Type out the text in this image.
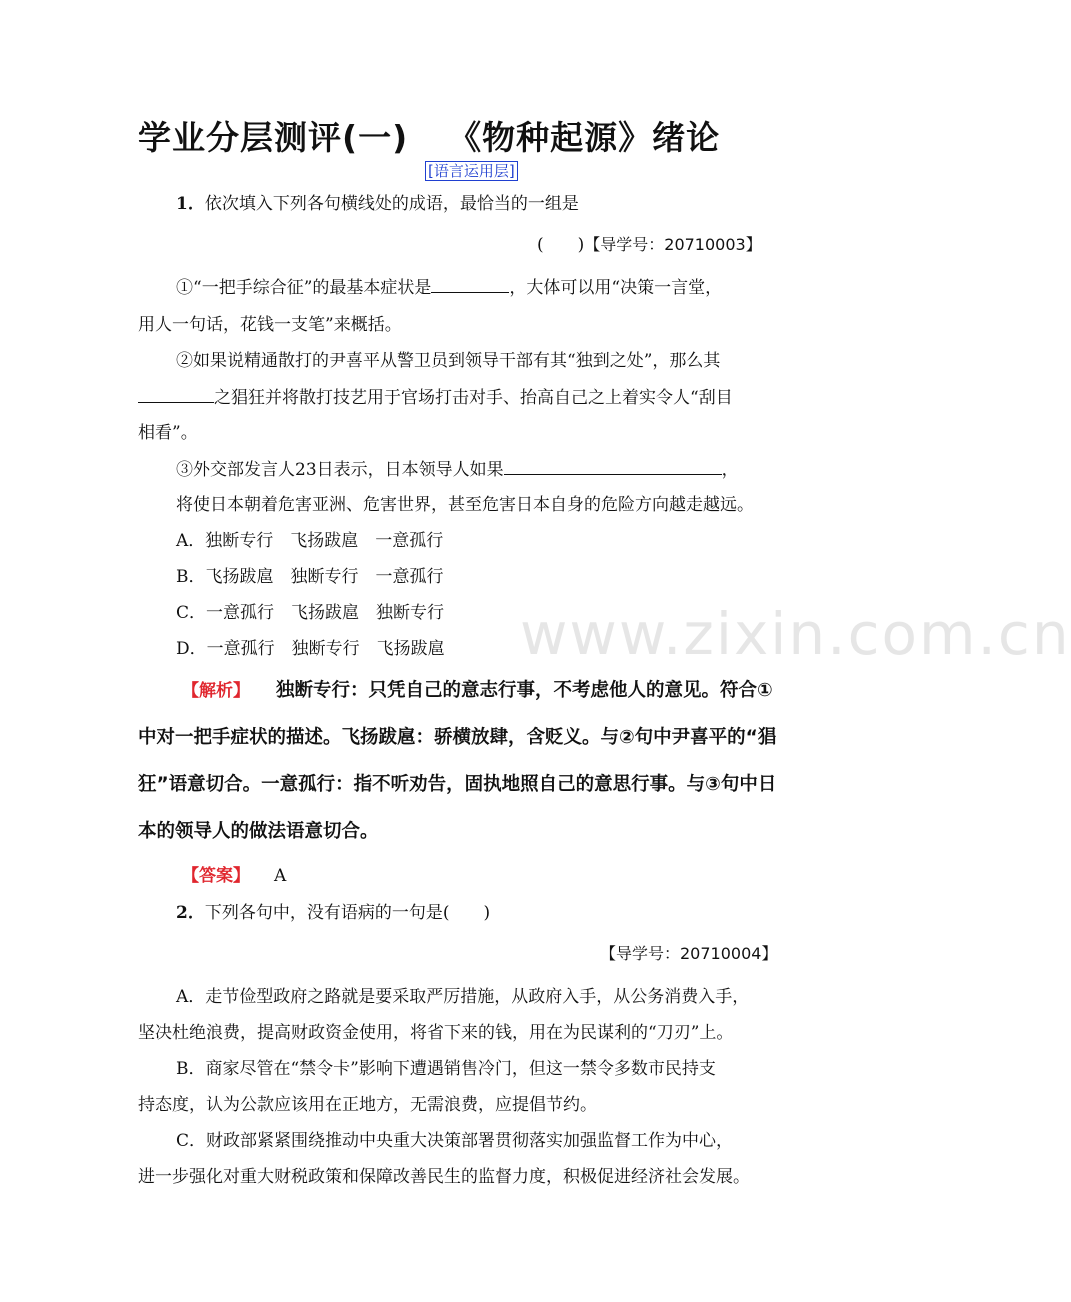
学业分层测评(一) 《物种起源》绪论
[语言运用层]
1．依次填入下列各句横线处的成语，最恰当的一组是
(　　)【导学号：20710003】
①“一把手综合征”的最基本症状是	，大体可以用“决策一言堂，
用人一句话，花钱一支笔”来概括。
②如果说精通散打的尹喜平从警卫员到领导干部有其“独到之处”，那么其
之猖狂并将散打技艺用于官场打击对手、抬高自己之上着实令人“刮目
相看”。
③外交部发言人23日表示，日本领导人如果	，
将使日本朝着危害亚洲、危害世界，甚至危害日本自身的危险方向越走越远。
A．独断专行　飞扬跋扈　一意孤行
B．飞扬跋扈　独断专行　一意孤行
C．一意孤行　飞扬跋扈　独断专行
D．一意孤行　独断专行　飞扬跋扈
【解析】 独断专行：只凭自己的意志行事，不考虑他人的意见。符合①
中对一把手症状的描述。飞扬跋扈：骄横放肆，含贬义。与②句中尹喜平的“猖
狂”语意切合。一意孤行：指不听劝告，固执地照自己的意思行事。与③句中日
本的领导人的做法语意切合。
【答案】 A
2．下列各句中，没有语病的一句是(　　)
【导学号：20710004】
A．走节俭型政府之路就是要采取严厉措施，从政府入手，从公务消费入手，
坚决杜绝浪费，提高财政资金使用，将省下来的钱，用在为民谋利的“刀刃”上。
B．商家尽管在“禁令卡”影响下遭遇销售冷门，但这一禁令多数市民持支
持态度，认为公款应该用在正地方，无需浪费，应提倡节约。
C．财政部紧紧围绕推动中央重大决策部署贯彻落实加强监督工作为中心，
进一步强化对重大财税政策和保障改善民生的监督力度，积极促进经济社会发展。
www.zixin.com.cn
